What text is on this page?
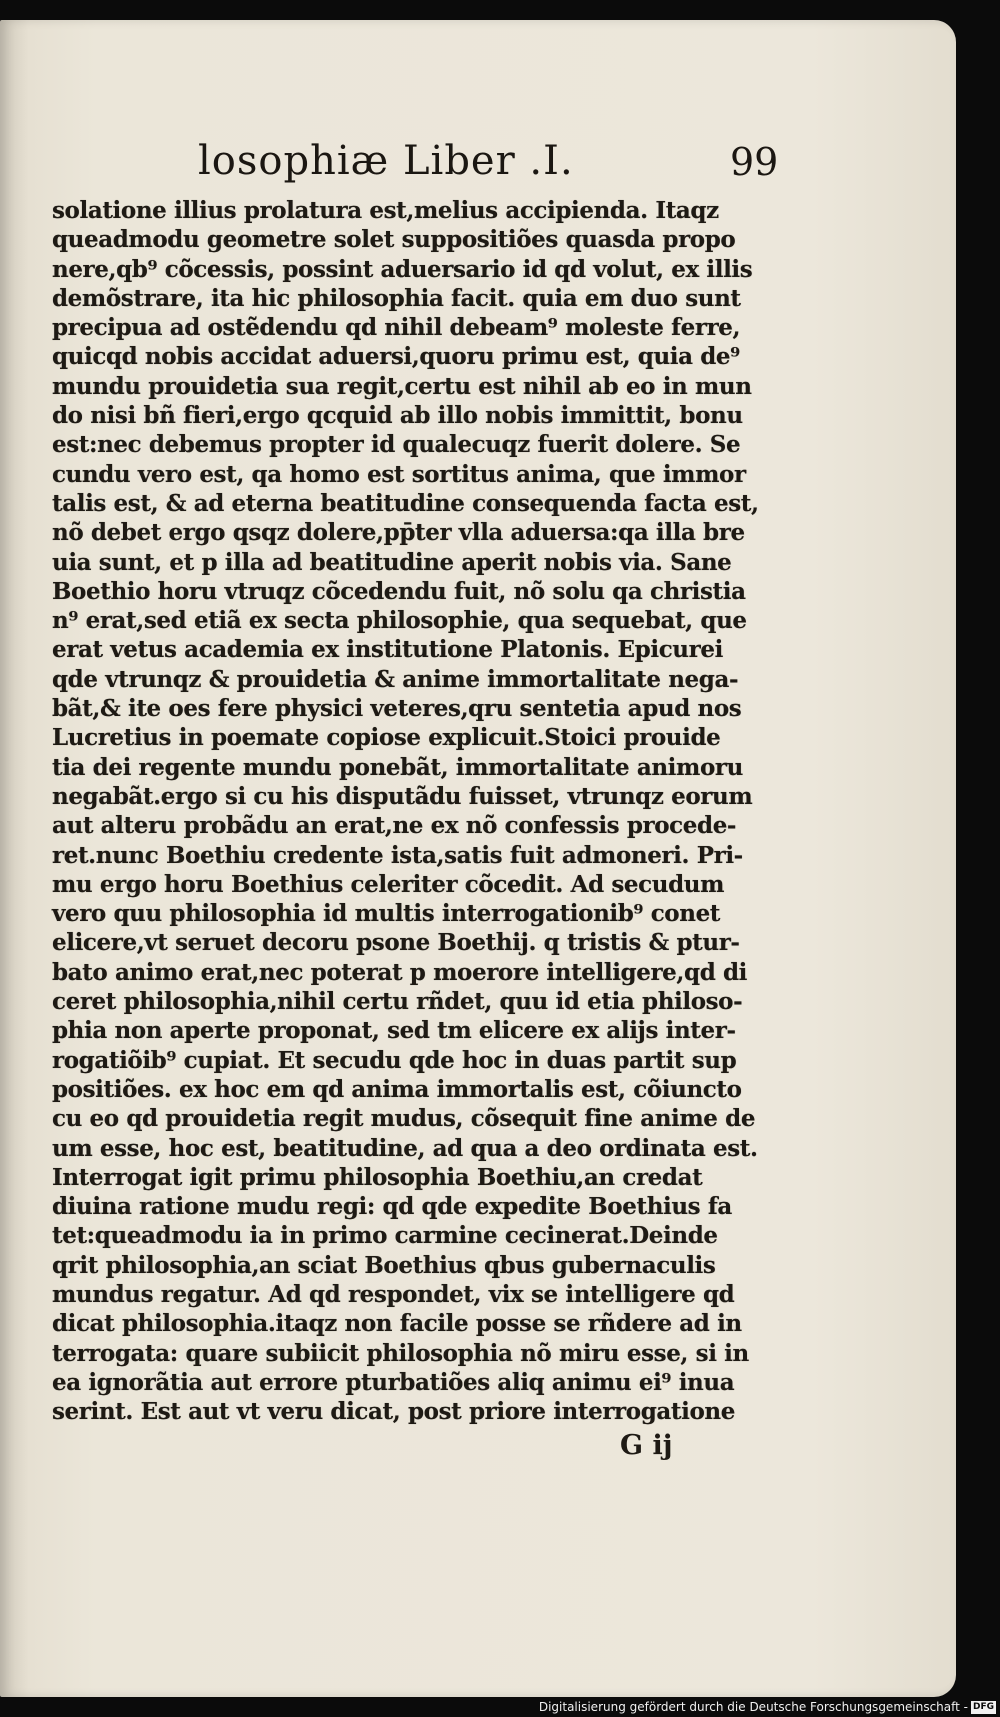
losophiæ Liber .I.	99
solatione illius prolatura est,melius accipienda. Itaqz
queadmodu geometre solet suppositiões quasda propo
nere,qb⁹ cõcessis, possint aduersario id qd volut, ex illis
demõstrare, ita hic philosophia facit. quia em duo sunt
precipua ad ostẽdendu qd nihil debeam⁹ moleste ferre,
quicqd nobis accidat aduersi,quoru primu est, quia de⁹
mundu prouidetia sua regit,certu est nihil ab eo in mun
do nisi bñ fieri,ergo qcquid ab illo nobis immittit, bonu
est:nec debemus propter id qualecuqz fuerit dolere. Se
cundu vero est, qa homo est sortitus anima, que immor
talis est, & ad eterna beatitudine consequenda facta est,
nõ debet ergo qsqz dolere,pp̄ter vlla aduersa:qa illa bre
uia sunt, et p illa ad beatitudine aperit nobis via. Sane
Boethio horu vtruqz cõcedendu fuit, nõ solu qa christia
n⁹ erat,sed etiã ex secta philosophie, qua sequebat, que
erat vetus academia ex institutione Platonis. Epicurei
qde vtrunqz & prouidetia & anime immortalitate nega-
bãt,& ite oes fere physici veteres,qru sentetia apud nos
Lucretius in poemate copiose explicuit.Stoici prouide
tia dei regente mundu ponebãt, immortalitate animoru
negabãt.ergo si cu his disputãdu fuisset, vtrunqz eorum
aut alteru probãdu an erat,ne ex nõ confessis procede-
ret.nunc Boethiu credente ista,satis fuit admoneri. Pri-
mu ergo horu Boethius celeriter cõcedit. Ad secudum
vero quu philosophia id multis interrogationib⁹ conet
elicere,vt seruet decoru psone Boethij. q tristis & ptur-
bato animo erat,nec poterat p moerore intelligere,qd di
ceret philosophia,nihil certu rñdet, quu id etia philoso-
phia non aperte proponat, sed tm elicere ex alijs inter-
rogatiõib⁹ cupiat. Et secudu qde hoc in duas partit sup
positiões. ex hoc em qd anima immortalis est, cõiuncto
cu eo qd prouidetia regit mudus, cõsequit fine anime de
um esse, hoc est, beatitudine, ad qua a deo ordinata est.
Interrogat igit primu philosophia Boethiu,an credat
diuina ratione mudu regi: qd qde expedite Boethius fa
tet:queadmodu ia in primo carmine cecinerat.Deinde
qrit philosophia,an sciat Boethius qbus gubernaculis
mundus regatur. Ad qd respondet, vix se intelligere qd
dicat philosophia.itaqz non facile posse se rñdere ad in
terrogata: quare subiicit philosophia nõ miru esse, si in
ea ignorãtia aut errore pturbatiões aliq animu ei⁹ inua
serint. Est aut vt veru dicat, post priore interrogatione
G ij
Digitalisierung gefördert durch die Deutsche Forschungsgemeinschaft - DFG
